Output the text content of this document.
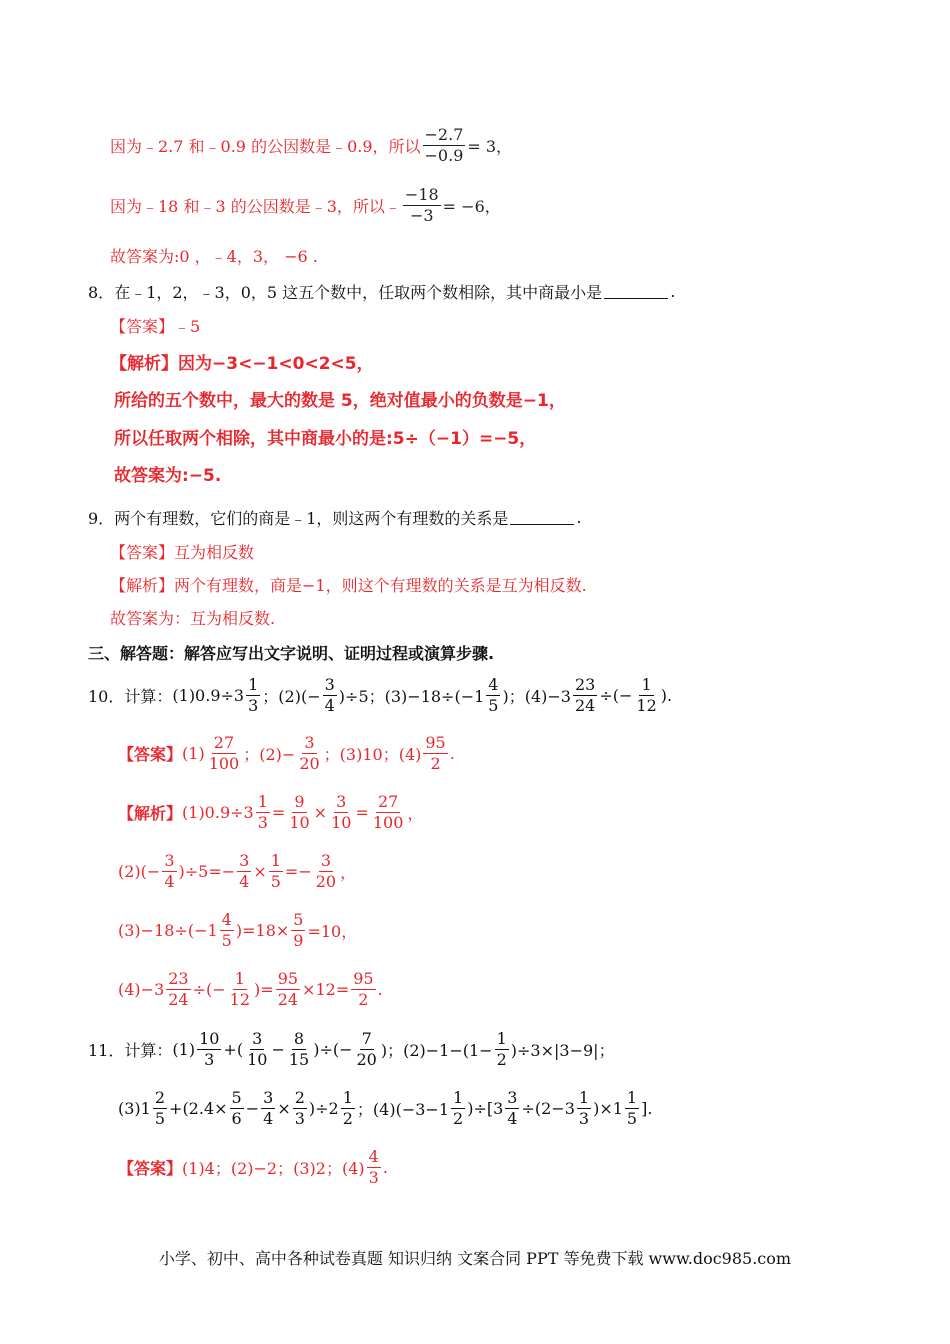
因为﹣2.7 和﹣0.9 的公因数是﹣0.9，所以 $\frac{-2.7}{-0.9} = 3$，
因为﹣18 和﹣3 的公因数是﹣3，所以﹣ $\frac{-18}{-3} = -6$，
故答案为:0 ，﹣4，3， −6 .
8． 在﹣1，2，﹣3，0，5 这五个数中，任取两个数相除，其中商最小是	.
【答案】 ﹣5
【解析】 因为−3<−1<0<2<5，
所给的五个数中，最大的数是 5，绝对值最小的负数是−1，
所以任取两个相除，其中商最小的是:5÷（−1）=−5，
故答案为:−5.
9． 两个有理数，它们的商是﹣1，则这两个有理数的关系是	.
【答案】 互为相反数
【解析】 两个有理数，商是−1，则这个有理数的关系是互为相反数.
故答案为：互为相反数.
三、解答题：解答应写出文字说明、证明过程或演算步骤.
10． 计算： $(1)0.9\div 3 \frac{1}{3}$ ；$(2)(- \frac{3}{4} )\div 5$；$(3)-18\div(-1 \frac{4}{5}$ )；$(4)-3 \frac{23}{24}$ ÷(− $\frac{1}{12}$ ).
【答案】 $(1) \frac{27}{100}$ ；$(2)- \frac{3}{20}$ ；(3)10；$(4) \frac{95}{2}$ .
【解析】 $(1)0.9\div 3 \frac{1}{3} = \frac{9}{10} \times \frac{3}{10} = \frac{27}{100}$ ，
$(2)(- \frac{3}{4} )\div 5=- \frac{3}{4} \times \frac{1}{5} =- \frac{3}{20}$ ，
$(3)-18\div(-1 \frac{4}{5} )=18\times \frac{5}{9} =10$，
$(4)-3 \frac{23}{24}$ ÷(− $\frac{1}{12}$ )= $\frac{95}{24} \times 12= \frac{95}{2}$ .
11． 计算： $(1) \frac{10}{3}$ +( $\frac{3}{10} - \frac{8}{15}$ )÷(− $\frac{7}{20}$ )；$(2)-1-(1- \frac{1}{2} )\div 3\times|3-9|$；
$(3)1 \frac{2}{5} +(2.4\times \frac{5}{6} - \frac{3}{4} \times \frac{2}{3} )\div 2 \frac{1}{2}$ ；$(4)(-3-1 \frac{1}{2} )\div[3 \frac{3}{4} \div(2-3 \frac{1}{3} )\times 1 \frac{1}{5}$ ].
【答案】 (1)4；(2)−2；(3)2；$(4) \frac{4}{3}$ .
小学、初中、高中各种试卷真题 知识归纳 文案合同 PPT 等免费下载 www.doc985.com
